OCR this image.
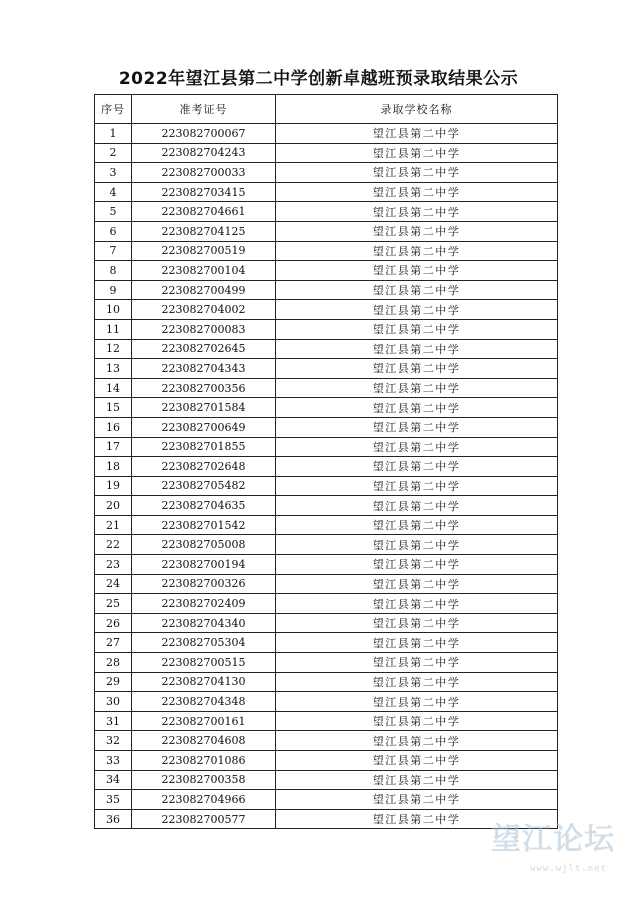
2022年望江县第二中学创新卓越班预录取结果公示
序号	准考证号	录取学校名称
1	223082700067	望江县第二中学
2	223082704243	望江县第二中学
3	223082700033	望江县第二中学
4	223082703415	望江县第二中学
5	223082704661	望江县第二中学
6	223082704125	望江县第二中学
7	223082700519	望江县第二中学
8	223082700104	望江县第二中学
9	223082700499	望江县第二中学
10	223082704002	望江县第二中学
11	223082700083	望江县第二中学
12	223082702645	望江县第二中学
13	223082704343	望江县第二中学
14	223082700356	望江县第二中学
15	223082701584	望江县第二中学
16	223082700649	望江县第二中学
17	223082701855	望江县第二中学
18	223082702648	望江县第二中学
19	223082705482	望江县第二中学
20	223082704635	望江县第二中学
21	223082701542	望江县第二中学
22	223082705008	望江县第二中学
23	223082700194	望江县第二中学
24	223082700326	望江县第二中学
25	223082702409	望江县第二中学
26	223082704340	望江县第二中学
27	223082705304	望江县第二中学
28	223082700515	望江县第二中学
29	223082704130	望江县第二中学
30	223082704348	望江县第二中学
31	223082700161	望江县第二中学
32	223082704608	望江县第二中学
33	223082701086	望江县第二中学
34	223082700358	望江县第二中学
35	223082704966	望江县第二中学
36	223082700577	望江县第二中学
望江论坛
www.wjlt.net
